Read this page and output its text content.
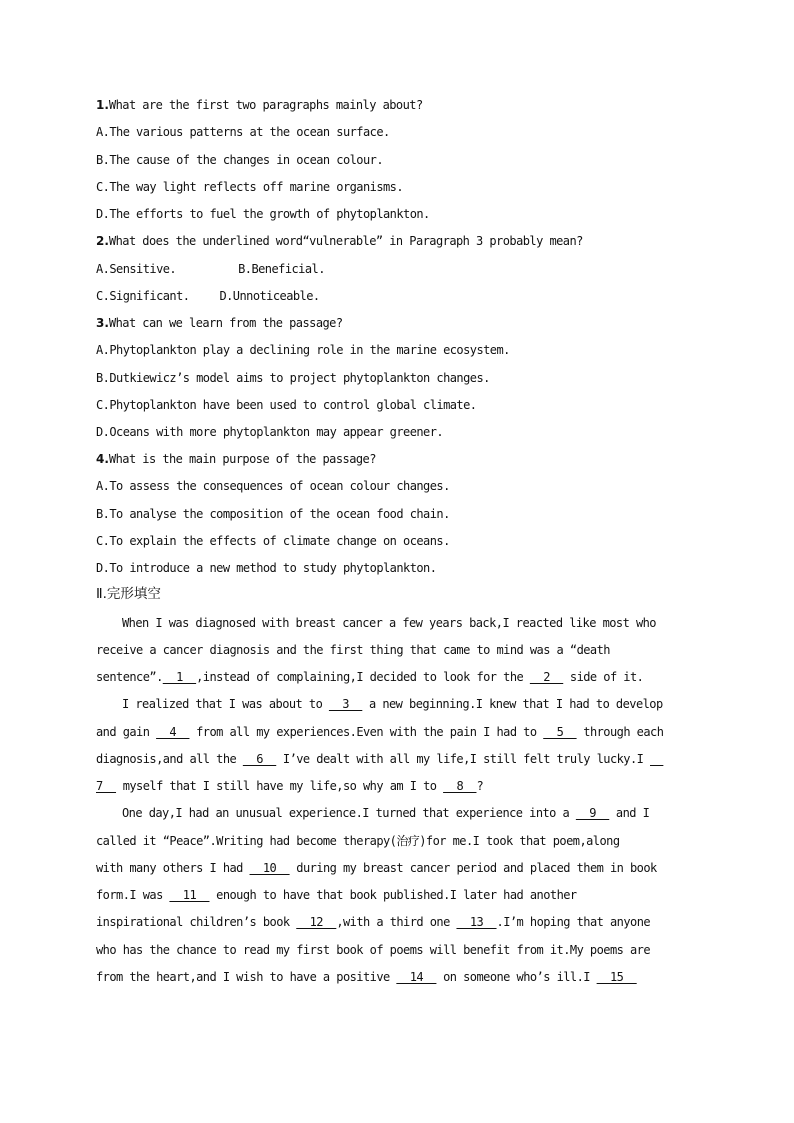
1.What are the first two paragraphs mainly about?
A.The various patterns at the ocean surface.
B.The cause of the changes in ocean colour.
C.The way light reflects off marine organisms.
D.The efforts to fuel the growth of phytoplankton.
2.What does the underlined word“vulnerable” in Paragraph 3 probably mean?
A.Sensitive.	B.Beneficial.
C.Significant.	D.Unnoticeable.
3.What can we learn from the passage?
A.Phytoplankton play a declining role in the marine ecosystem.
B.Dutkiewicz’s model aims to project phytoplankton changes.
C.Phytoplankton have been used to control global climate.
D.Oceans with more phytoplankton may appear greener.
4.What is the main purpose of the passage?
A.To assess the consequences of ocean colour changes.
B.To analyse the composition of the ocean food chain.
C.To explain the effects of climate change on oceans.
D.To introduce a new method to study phytoplankton.
Ⅱ.完形填空
When I was diagnosed with breast cancer a few years back,I reacted like most who
receive a cancer diagnosis and the first thing that came to mind was a “death
sentence”.  1  ,instead of complaining,I decided to look for the   2   side of it.
I realized that I was about to   3   a new beginning.I knew that I had to develop
and gain   4   from all my experiences.Even with the pain I had to   5   through each
diagnosis,and all the   6   I’ve dealt with all my life,I still felt truly lucky.I
7   myself that I still have my life,so why am I to   8  ?
One day,I had an unusual experience.I turned that experience into a   9   and I
called it “Peace”.Writing had become therapy(治疗)for me.I took that poem,along
with many others I had   10   during my breast cancer period and placed them in book
form.I was   11   enough to have that book published.I later had another
inspirational children’s book   12  ,with a third one   13  .I’m hoping that anyone
who has the chance to read my first book of poems will benefit from it.My poems are
from the heart,and I wish to have a positive   14   on someone who’s ill.I   15
